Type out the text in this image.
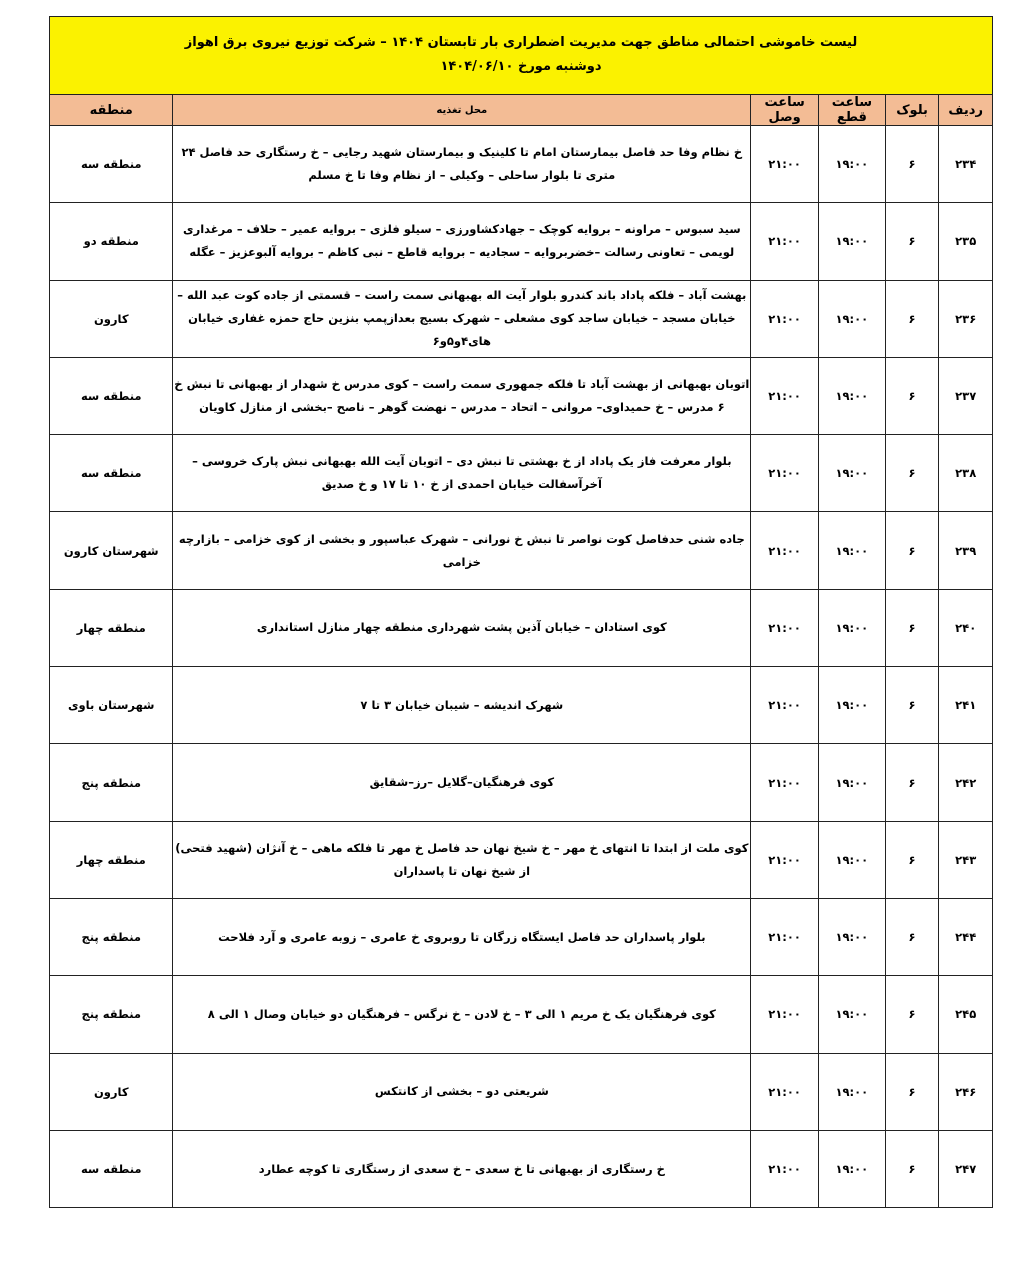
لیست خاموشی احتمالی مناطق جهت مدیریت اضطراری بار تابستان ۱۴۰۴ – شرکت توزیع نیروی برق اهواز
دوشنبه مورخ ۱۴۰۴/۰۶/۱۰
ردیف	بلوک	ساعت قطع	ساعت وصل	محل تغذیه	منطقه
۲۳۴	۶	۱۹:۰۰	۲۱:۰۰	خ نظام وفا حد فاصل بیمارستان امام تا کلینیک و بیمارستان شهید رجایی – خ رستگاری حد فاصل ۲۴ متری تا بلوار ساحلی – وکیلی – از نظام وفا تا خ مسلم	منطقه سه
۲۳۵	۶	۱۹:۰۰	۲۱:۰۰	سید سبوس – مراونه – بروایه کوچک – جهادکشاورزی – سیلو فلزی – بروایه عمیر – حلاف – مرغداری لویمی – تعاونی رسالت –خضربروایه – سجادیه – بروایه قاطع – نبی کاظم – بروایه آلبوعزیز – عگله	منطقه دو
۲۳۶	۶	۱۹:۰۰	۲۱:۰۰	بهشت آباد – فلکه پاداد باند کندرو بلوار آیت اله بهبهانی سمت راست – قسمتی از جاده کوت عبد الله – خیابان مسجد – خیابان ساجد کوی مشعلی – شهرک بسیج بعدازپمپ بنزین حاج حمزه غفاری خیابان های۴و۵و۶	کارون
۲۳۷	۶	۱۹:۰۰	۲۱:۰۰	اتوبان بهبهانی از بهشت آباد تا فلکه جمهوری سمت راست – کوی مدرس خ شهدار از بهبهانی تا نبش خ ۶ مدرس – خ حمیداوی– مروانی – اتحاد – مدرس – نهضت گوهر – ناصح –بخشی از منازل کاویان	منطقه سه
۲۳۸	۶	۱۹:۰۰	۲۱:۰۰	بلوار معرفت فاز یک پاداد از خ بهشتی تا نبش دی – اتوبان آیت الله بهبهانی نبش پارک خروسی – آخرآسفالت خیابان احمدی از خ ۱۰ تا ۱۷ و خ صدیق	منطقه سه
۲۳۹	۶	۱۹:۰۰	۲۱:۰۰	جاده شنی حدفاصل کوت نواصر تا نبش خ نورانی – شهرک عباسپور و بخشی از کوی خزامی – بازارچه خزامی	شهرستان کارون
۲۴۰	۶	۱۹:۰۰	۲۱:۰۰	کوی استادان – خیابان آذین پشت شهرداری منطقه چهار منازل استانداری	منطقه چهار
۲۴۱	۶	۱۹:۰۰	۲۱:۰۰	شهرک اندیشه – شیبان خیابان ۳ تا ۷	شهرستان باوی
۲۴۲	۶	۱۹:۰۰	۲۱:۰۰	کوی فرهنگیان–گلایل –رز–شقایق	منطقه پنج
۲۴۳	۶	۱۹:۰۰	۲۱:۰۰	کوی ملت از ابتدا تا انتهای خ مهر – خ شیخ نهان حد فاصل خ مهر تا فلکه ماهی – خ آنژان (شهید فتحی) از شیخ نهان تا پاسداران	منطقه چهار
۲۴۴	۶	۱۹:۰۰	۲۱:۰۰	بلوار پاسداران حد فاصل ایستگاه زرگان تا روبروی خ عامری – زوبه عامری و آرد فلاحت	منطقه پنج
۲۴۵	۶	۱۹:۰۰	۲۱:۰۰	کوی فرهنگیان یک خ مریم ۱ الی ۳ – خ لادن – خ نرگس – فرهنگیان دو خیابان وصال ۱ الی ۸	منطقه پنج
۲۴۶	۶	۱۹:۰۰	۲۱:۰۰	شریعتی دو – بخشی از کانتکس	کارون
۲۴۷	۶	۱۹:۰۰	۲۱:۰۰	خ رستگاری از بهبهانی تا خ سعدی – خ سعدی از رستگاری تا کوچه عطارد	منطقه سه
